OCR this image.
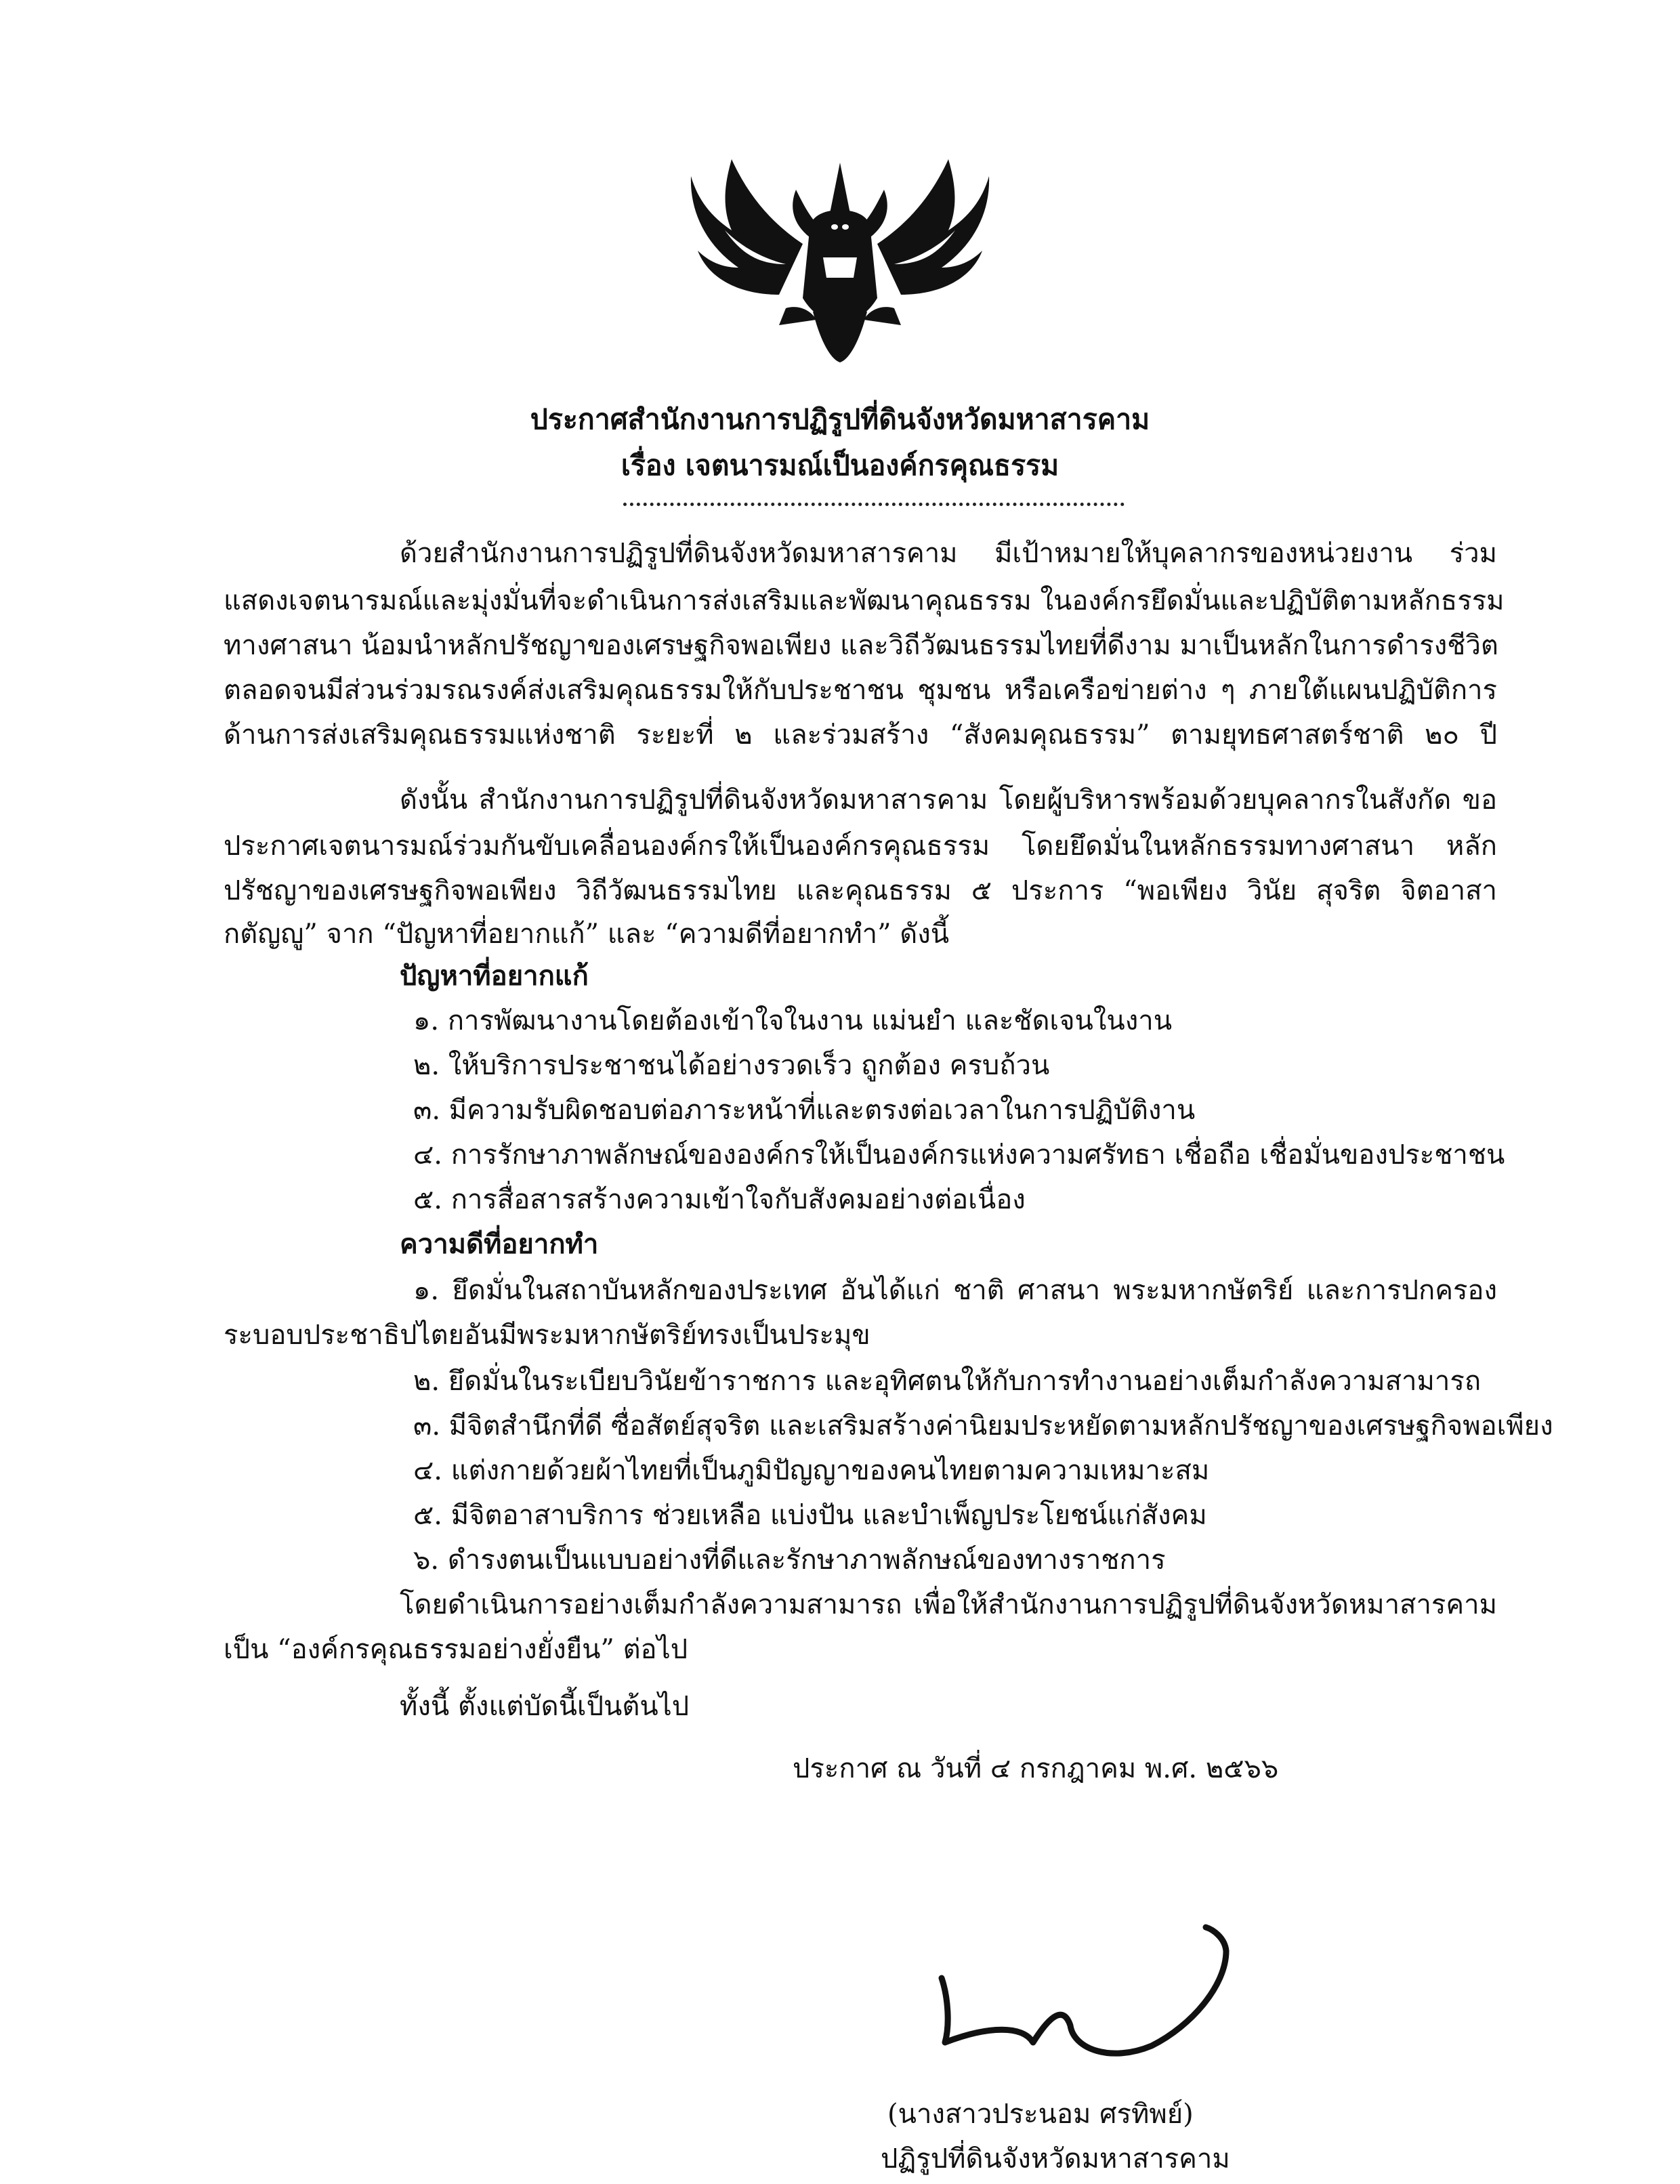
ประกาศสำนักงานการปฏิรูปที่ดินจังหวัดมหาสารคาม
เรื่อง เจตนารมณ์เป็นองค์กรคุณธรรม
ด้วยสำนักงานการปฏิรูปที่ดินจังหวัดมหาสารคาม มีเป้าหมายให้บุคลากรของหน่วยงาน ร่วม
แสดงเจตนารมณ์และมุ่งมั่นที่จะดำเนินการส่งเสริมและพัฒนาคุณธรรม ในองค์กรยึดมั่นและปฏิบัติตามหลักธรรม
ทางศาสนา น้อมนำหลักปรัชญาของเศรษฐกิจพอเพียง และวิถีวัฒนธรรมไทยที่ดีงาม มาเป็นหลักในการดำรงชีวิต
ตลอดจนมีส่วนร่วมรณรงค์ส่งเสริมคุณธรรมให้กับประชาชน ชุมชน หรือเครือข่ายต่าง ๆ ภายใต้แผนปฏิบัติการ
ด้านการส่งเสริมคุณธรรมแห่งชาติ ระยะที่ ๒ และร่วมสร้าง “สังคมคุณธรรม” ตามยุทธศาสตร์ชาติ ๒๐ ปี
ดังนั้น สำนักงานการปฏิรูปที่ดินจังหวัดมหาสารคาม โดยผู้บริหารพร้อมด้วยบุคลากรในสังกัด ขอ
ประกาศเจตนารมณ์ร่วมกันขับเคลื่อนองค์กรให้เป็นองค์กรคุณธรรม โดยยึดมั่นในหลักธรรมทางศาสนา หลัก
ปรัชญาของเศรษฐกิจพอเพียง วิถีวัฒนธรรมไทย และคุณธรรม ๕ ประการ “พอเพียง วินัย สุจริต จิตอาสา
กตัญญู” จาก “ปัญหาที่อยากแก้” และ “ความดีที่อยากทำ” ดังนี้
ปัญหาที่อยากแก้
๑. การพัฒนางานโดยต้องเข้าใจในงาน แม่นยำ และชัดเจนในงาน
๒. ให้บริการประชาชนได้อย่างรวดเร็ว ถูกต้อง ครบถ้วน
๓. มีความรับผิดชอบต่อภาระหน้าที่และตรงต่อเวลาในการปฏิบัติงาน
๔. การรักษาภาพลักษณ์ขององค์กรให้เป็นองค์กรแห่งความศรัทธา เชื่อถือ เชื่อมั่นของประชาชน
๕. การสื่อสารสร้างความเข้าใจกับสังคมอย่างต่อเนื่อง
ความดีที่อยากทำ
๑. ยึดมั่นในสถาบันหลักของประเทศ อันได้แก่ ชาติ ศาสนา พระมหากษัตริย์ และการปกครอง
ระบอบประชาธิปไตยอันมีพระมหากษัตริย์ทรงเป็นประมุข
๒. ยึดมั่นในระเบียบวินัยข้าราชการ และอุทิศตนให้กับการทำงานอย่างเต็มกำลังความสามารถ
๓. มีจิตสำนึกที่ดี ซื่อสัตย์สุจริต และเสริมสร้างค่านิยมประหยัดตามหลักปรัชญาของเศรษฐกิจพอเพียง
๔. แต่งกายด้วยผ้าไทยที่เป็นภูมิปัญญาของคนไทยตามความเหมาะสม
๕. มีจิตอาสาบริการ ช่วยเหลือ แบ่งปัน และบำเพ็ญประโยชน์แก่สังคม
๖. ดำรงตนเป็นแบบอย่างที่ดีและรักษาภาพลักษณ์ของทางราชการ
โดยดำเนินการอย่างเต็มกำลังความสามารถ เพื่อให้สำนักงานการปฏิรูปที่ดินจังหวัดหมาสารคาม
เป็น “องค์กรคุณธรรมอย่างยั่งยืน” ต่อไป
ทั้งนี้ ตั้งแต่บัดนี้เป็นต้นไป
ประกาศ ณ วันที่ ๔ กรกฎาคม พ.ศ. ๒๕๖๖
(นางสาวประนอม ศรทิพย์)
ปฏิรูปที่ดินจังหวัดมหาสารคาม
